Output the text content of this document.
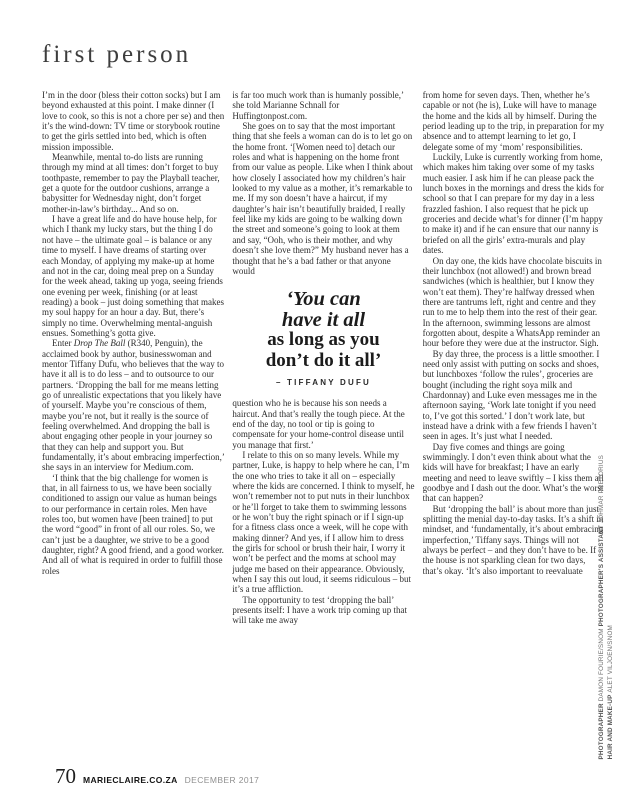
first person

I’m in the door (bless their cotton socks) but I am beyond exhausted at this point. I make dinner (I love to cook, so this is not a chore per se) and then it’s the wind-down: TV time or storybook routine to get the girls settled into bed, which is often mission impossible.

Meanwhile, mental to-do lists are running through my mind at all times: don’t forget to buy toothpaste, remember to pay the Playball teacher, get a quote for the outdoor cushions, arrange a babysitter for Wednesday night, don’t forget mother-in-law’s birthday... And so on.

I have a great life and do have house help, for which I thank my lucky stars, but the thing I do not have – the ultimate goal – is balance or any time to myself. I have dreams of starting over each Monday, of applying my make-up at home and not in the car, doing meal prep on a Sunday for the week ahead, taking up yoga, seeing friends one evening per week, finishing (or at least reading) a book – just doing something that makes my soul happy for an hour a day. But, there’s simply no time. Overwhelming mental-anguish ensues. Something’s gotta give.

Enter Drop The Ball (R340, Penguin), the acclaimed book by author, businesswoman and mentor Tiffany Dufu, who believes that the way to have it all is to do less – and to outsource to our partners. ‘Dropping the ball for me means letting go of unrealistic expectations that you likely have of yourself. Maybe you’re conscious of them, maybe you’re not, but it really is the source of feeling overwhelmed. And dropping the ball is about engaging other people in your journey so that they can help and support you. But fundamentally, it’s about embracing imperfection,’ she says in an interview for Medium.com.

‘I think that the big challenge for women is that, in all fairness to us, we have been socially conditioned to assign our value as human beings to our performance in certain roles. Men have roles too, but women have [been trained] to put the word “good” in front of all our roles. So, we can’t just be a daughter, we strive to be a good daughter, right? A good friend, and a good worker. And all of what is required in order to fulfill those roles

is far too much work than is humanly possible,’ she told Marianne Schnall for Huffingtonpost.com.

She goes on to say that the most important thing that she feels a woman can do is to let go on the home front. ‘[Women need to] detach our roles and what is happening on the home front from our value as people. Like when I think about how closely I associated how my children’s hair looked to my value as a mother, it’s remarkable to me. If my son doesn’t have a haircut, if my daughter’s hair isn’t beautifully braided, I really feel like my kids are going to be walking down the street and someone’s going to look at them and say, “Ooh, who is their mother, and why doesn’t she love them?” My husband never has a thought that he’s a bad father or that anyone would

‘You can
have it all
as long as you
don’t do it all’
– TIFFANY DUFU

question who he is because his son needs a haircut. And that’s really the tough piece. At the end of the day, no tool or tip is going to compensate for your home-control disease until you manage that first.’

I relate to this on so many levels. While my partner, Luke, is happy to help where he can, I’m the one who tries to take it all on – especially where the kids are concerned. I think to myself, he won’t remember not to put nuts in their lunchbox or he’ll forget to take them to swimming lessons or he won’t buy the right spinach or if I sign-up for a fitness class once a week, will he cope with making dinner? And yes, if I allow him to dress the girls for school or brush their hair, I worry it won’t be perfect and the moms at school may judge me based on their appearance. Obviously, when I say this out loud, it seems ridiculous – but it’s a true affliction.

The opportunity to test ‘dropping the ball’ presents itself: I have a work trip coming up that will take me away

from home for seven days. Then, whether he’s capable or not (he is), Luke will have to manage the home and the kids all by himself. During the period leading up to the trip, in preparation for my absence and to attempt learning to let go, I delegate some of my ‘mom’ responsibilities.

Luckily, Luke is currently working from home, which makes him taking over some of my tasks much easier. I ask him if he can please pack the lunch boxes in the mornings and dress the kids for school so that I can prepare for my day in a less frazzled fashion. I also request that he pick up groceries and decide what’s for dinner (I’m happy to make it) and if he can ensure that our nanny is briefed on all the girls’ extra-murals and play dates.

On day one, the kids have chocolate biscuits in their lunchbox (not allowed!) and brown bread sandwiches (which is healthier, but I know they won’t eat them). They’re halfway dressed when there are tantrums left, right and centre and they run to me to help them into the rest of their gear. In the afternoon, swimming lessons are almost forgotten about, despite a WhatsApp reminder an hour before they were due at the instructor. Sigh.

By day three, the process is a little smoother. I need only assist with putting on socks and shoes, but lunchboxes ‘follow the rules’, groceries are bought (including the right soya milk and Chardonnay) and Luke even messages me in the afternoon saying, ‘Work late tonight if you need to, I’ve got this sorted.’ I don’t work late, but instead have a drink with a few friends I haven’t seen in ages. It’s just what I needed.

Day five comes and things are going swimmingly. I don’t even think about what the kids will have for breakfast; I have an early meeting and need to leave swiftly – I kiss them all goodbye and I dash out the door. What’s the worst that can happen?

But ‘dropping the ball’ is about more than just splitting the menial day-to-day tasks. It’s a shift in mindset, and ‘fundamentally, it’s about embracing imperfection,’ Tiffany says. Things will not always be perfect – and they don’t have to be. If the house is not sparkling clean for two days, that’s okay. ‘It’s also important to reevaluate

70 MARIECLAIRE.CO.ZA DECEMBER 2017
PHOTOGRAPHER DAMON FOURIE/SNOM PHOTOGRAPHER’S ASSISTANT JOHMAR PRETORIUS
HAIR AND MAKE-UP ALET VILJOEN/SNOM
